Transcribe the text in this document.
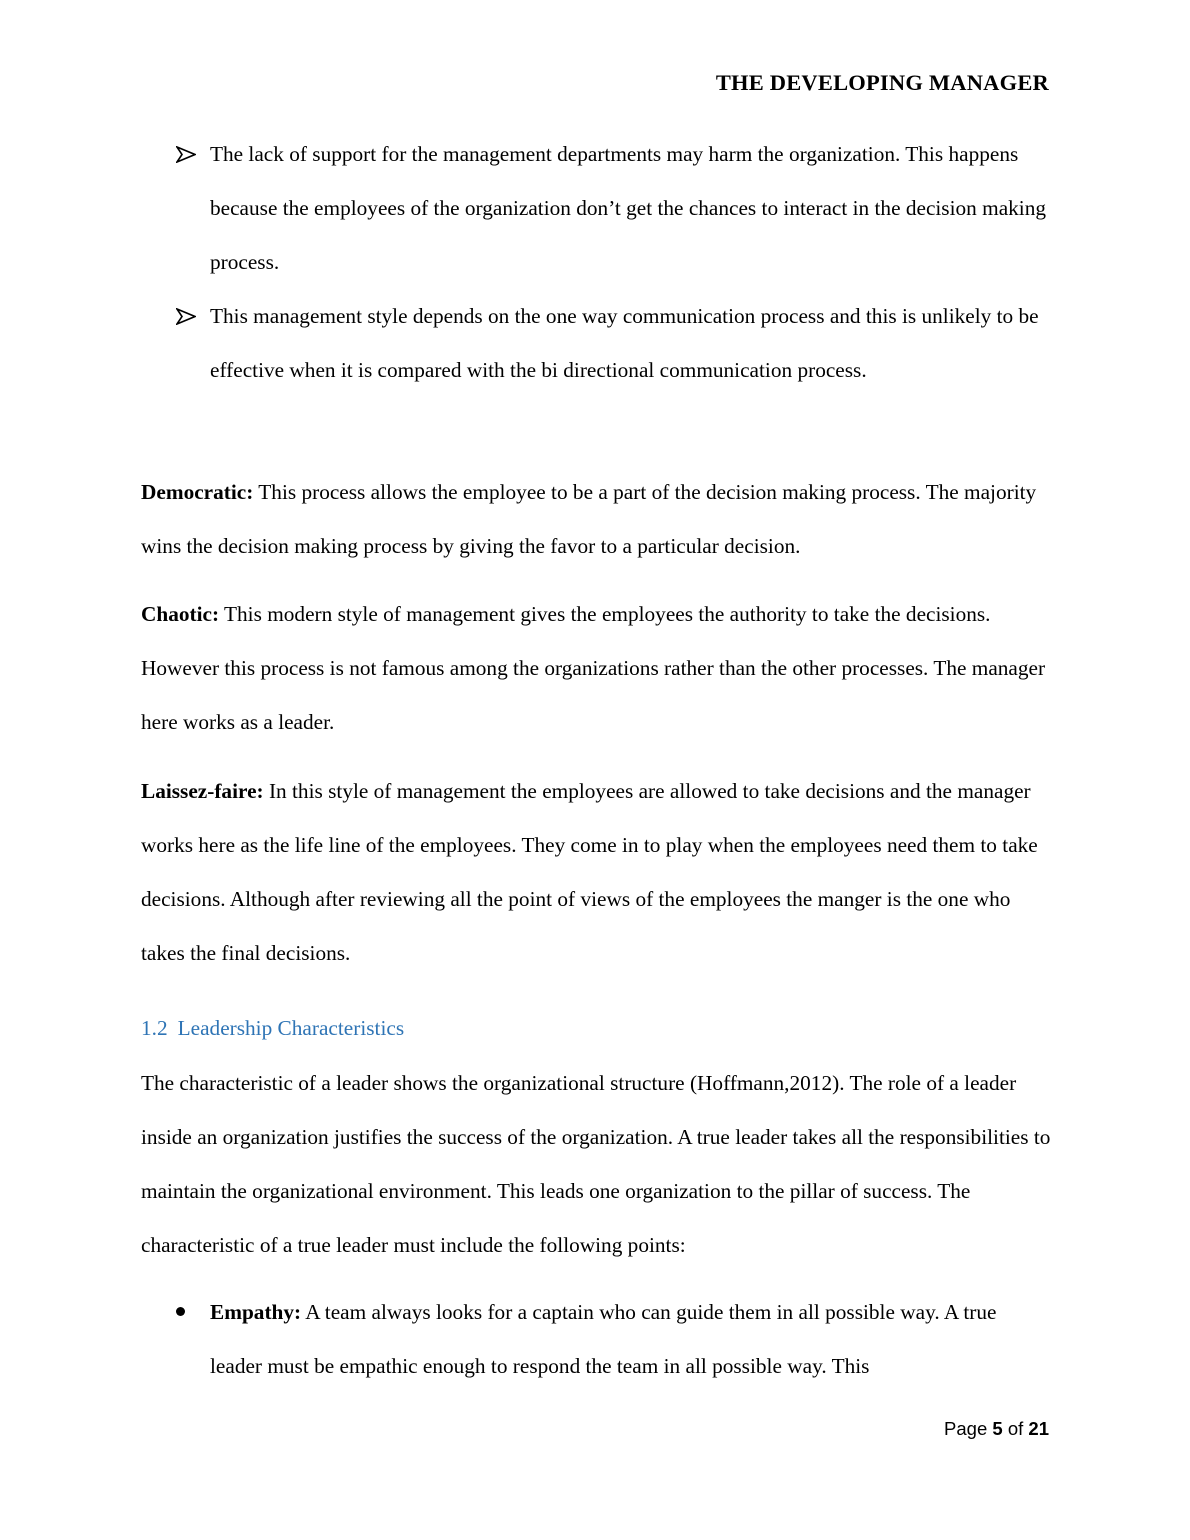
THE DEVELOPING MANAGER
The lack of support for the management departments may harm the organization. This happens because the employees of the organization don’t get the chances to interact in the decision making process.
This management style depends on the one way communication process and this is unlikely to be effective when it is compared with the bi directional communication process.
Democratic: This process allows the employee to be a part of the decision making process. The majority wins the decision making process by giving the favor to a particular decision.
Chaotic: This modern style of management gives the employees the authority to take the decisions. However this process is not famous among the organizations rather than the other processes. The manager here works as a leader.
Laissez-faire: In this style of management the employees are allowed to take decisions and the manager works here as the life line of the employees. They come in to play when the employees need them to take decisions. Although after reviewing all the point of views of the employees the manger is the one who takes the final decisions.
1.2 Leadership Characteristics
The characteristic of a leader shows the organizational structure (Hoffmann,2012). The role of a leader inside an organization justifies the success of the organization. A true leader takes all the responsibilities to maintain the organizational environment. This leads one organization to the pillar of success. The characteristic of a true leader must include the following points:
Empathy: A team always looks for a captain who can guide them in all possible way. A true leader must be empathic enough to respond the team in all possible way. This
Page 5 of 21
